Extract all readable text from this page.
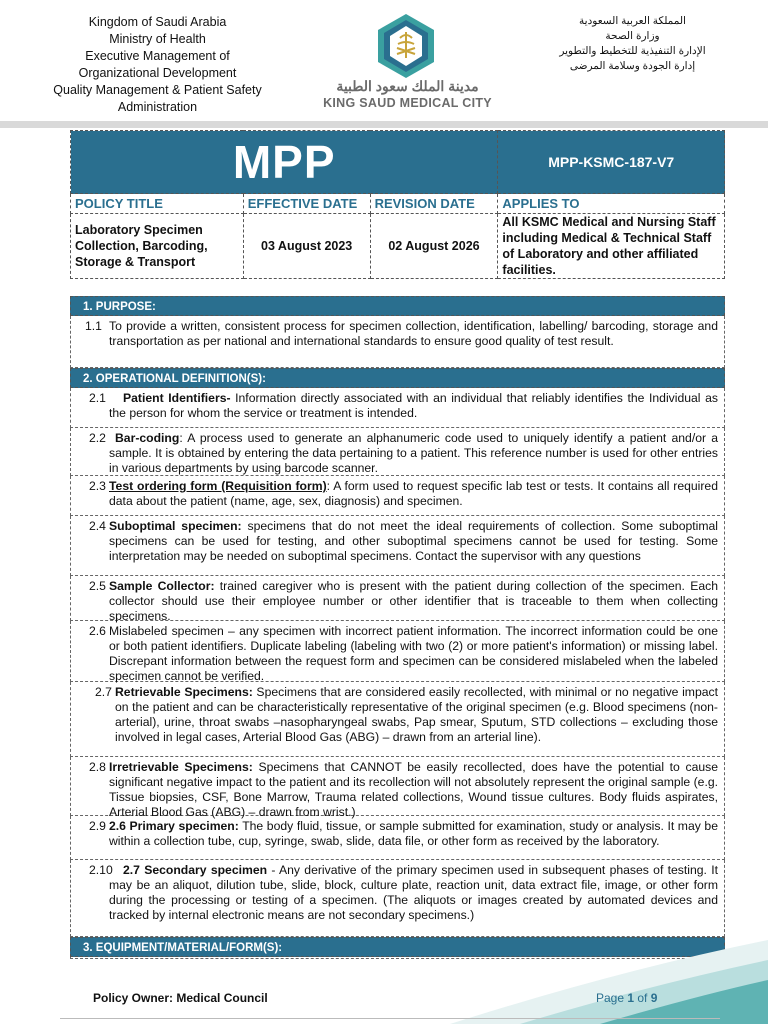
Kingdom of Saudi Arabia
Ministry of Health
Executive Management of
Organizational Development
Quality Management & Patient Safety
Administration
مدينة الملك سعود الطبية
KING SAUD MEDICAL CITY
المملكة العربية السعودية
وزارة الصحة
الإدارة التنفيذية للتخطيط والتطوير
إدارة الجودة وسلامة المرضى
MPP			MPP-KSMC-187-V7
POLICY TITLE	EFFECTIVE DATE	REVISION DATE	APPLIES TO
Laboratory Specimen Collection, Barcoding, Storage & Transport	03 August 2023	02 August 2026	All KSMC Medical and Nursing Staff including Medical & Technical Staff of Laboratory and other affiliated facilities.
1. PURPOSE:
1.1 To provide a written, consistent process for specimen collection, identification, labelling/ barcoding, storage and transportation as per national and international standards to ensure good quality of test result.
2. OPERATIONAL DEFINITION(S):
2.1	Patient Identifiers- Information directly associated with an individual that reliably identifies the Individual as the person for whom the service or treatment is intended.
2.2 Bar-coding: A process used to generate an alphanumeric code used to uniquely identify a patient and/or a sample. It is obtained by entering the data pertaining to a patient. This reference number is used for other entries in various departments by using barcode scanner.
2.3 Test ordering form (Requisition form): A form used to request specific lab test or tests. It contains all required data about the patient (name, age, sex, diagnosis) and specimen.
2.4 Suboptimal specimen: specimens that do not meet the ideal requirements of collection. Some suboptimal specimens can be used for testing, and other suboptimal specimens cannot be used for testing. Some interpretation may be needed on suboptimal specimens. Contact the supervisor with any questions
2.5 Sample Collector: trained caregiver who is present with the patient during collection of the specimen. Each collector should use their employee number or other identifier that is traceable to them when collecting specimens.
2.6 Mislabeled specimen – any specimen with incorrect patient information. The incorrect information could be one or both patient identifiers. Duplicate labeling (labeling with two (2) or more patient's information) or missing label. Discrepant information between the request form and specimen can be considered mislabeled when the labeled specimen cannot be verified.
2.7 Retrievable Specimens: Specimens that are considered easily recollected, with minimal or no negative impact on the patient and can be characteristically representative of the original specimen (e.g. Blood specimens (non-arterial), urine, throat swabs –nasopharyngeal swabs, Pap smear, Sputum, STD collections – excluding those involved in legal cases, Arterial Blood Gas (ABG) – drawn from an arterial line).
2.8 Irretrievable Specimens: Specimens that CANNOT be easily recollected, does have the potential to cause significant negative impact to the patient and its recollection will not absolutely represent the original sample (e.g. Tissue biopsies, CSF, Bone Marrow, Trauma related collections, Wound tissue cultures. Body fluids aspirates, Arterial Blood Gas (ABG) – drawn from wrist.)
2.9 2.6 Primary specimen: The body fluid, tissue, or sample submitted for examination, study or analysis. It may be within a collection tube, cup, syringe, swab, slide, data file, or other form as received by the laboratory.
2.10 2.7 Secondary specimen - Any derivative of the primary specimen used in subsequent phases of testing. It may be an aliquot, dilution tube, slide, block, culture plate, reaction unit, data extract file, image, or other form during the processing or testing of a specimen. (The aliquots or images created by automated devices and tracked by internal electronic means are not secondary specimens.)
3. EQUIPMENT/MATERIAL/FORM(S):
Policy Owner: Medical Council	Page 1 of 9
